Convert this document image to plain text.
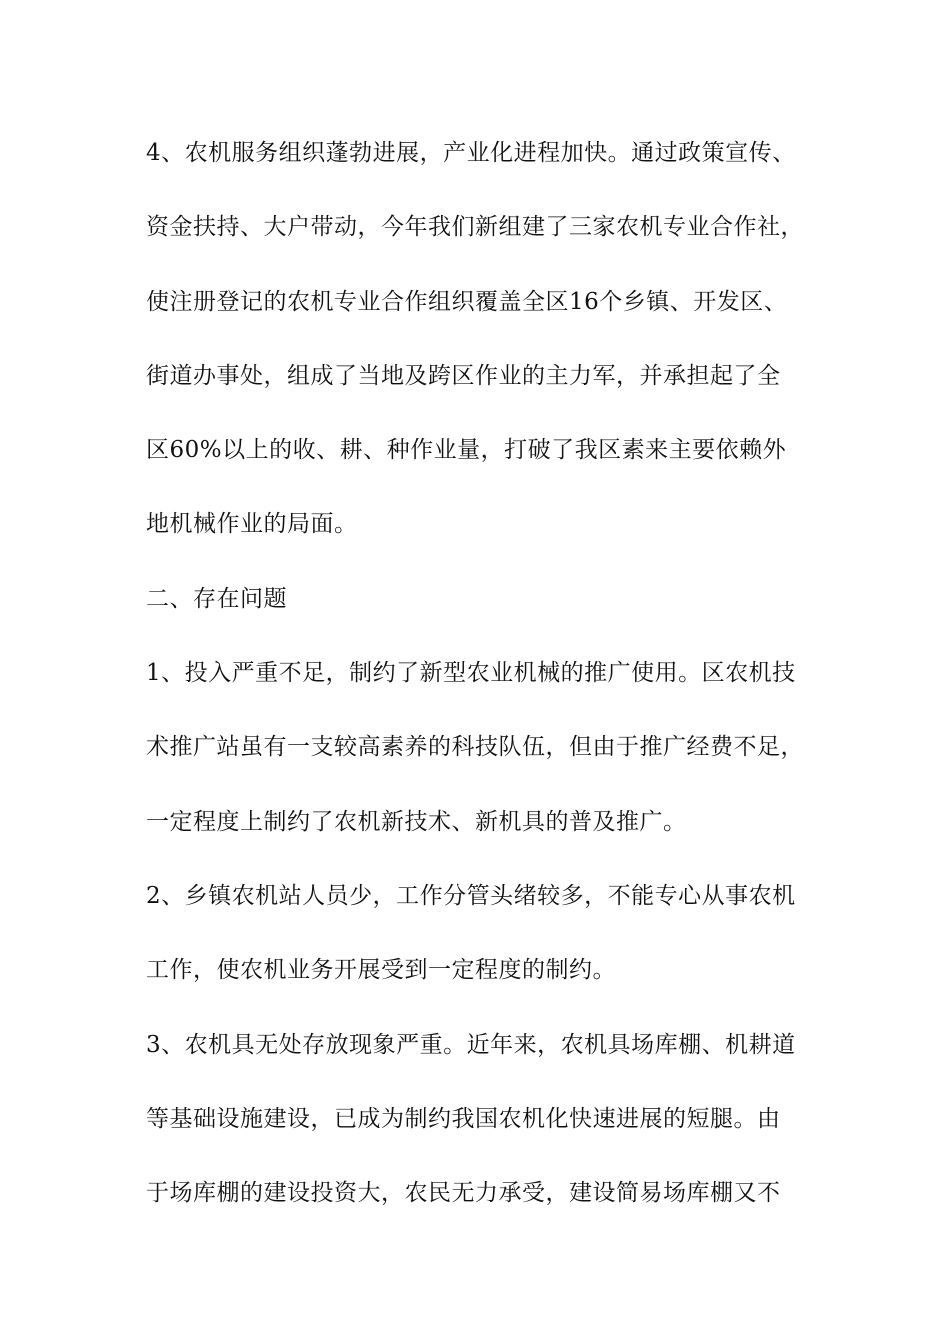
4、农机服务组织蓬勃进展，产业化进程加快。通过政策宣传、
资金扶持、大户带动，今年我们新组建了三家农机专业合作社，
使注册登记的农机专业合作组织覆盖全区16个乡镇、开发区、
街道办事处，组成了当地及跨区作业的主力军，并承担起了全
区60%以上的收、耕、种作业量，打破了我区素来主要依赖外
地机械作业的局面。
二、存在问题
1、投入严重不足，制约了新型农业机械的推广使用。区农机技
术推广站虽有一支较高素养的科技队伍，但由于推广经费不足，
一定程度上制约了农机新技术、新机具的普及推广。
2、乡镇农机站人员少，工作分管头绪较多，不能专心从事农机
工作，使农机业务开展受到一定程度的制约。
3、农机具无处存放现象严重。近年来，农机具场库棚、机耕道
等基础设施建设，已成为制约我国农机化快速进展的短腿。由
于场库棚的建设投资大，农民无力承受，建设简易场库棚又不
